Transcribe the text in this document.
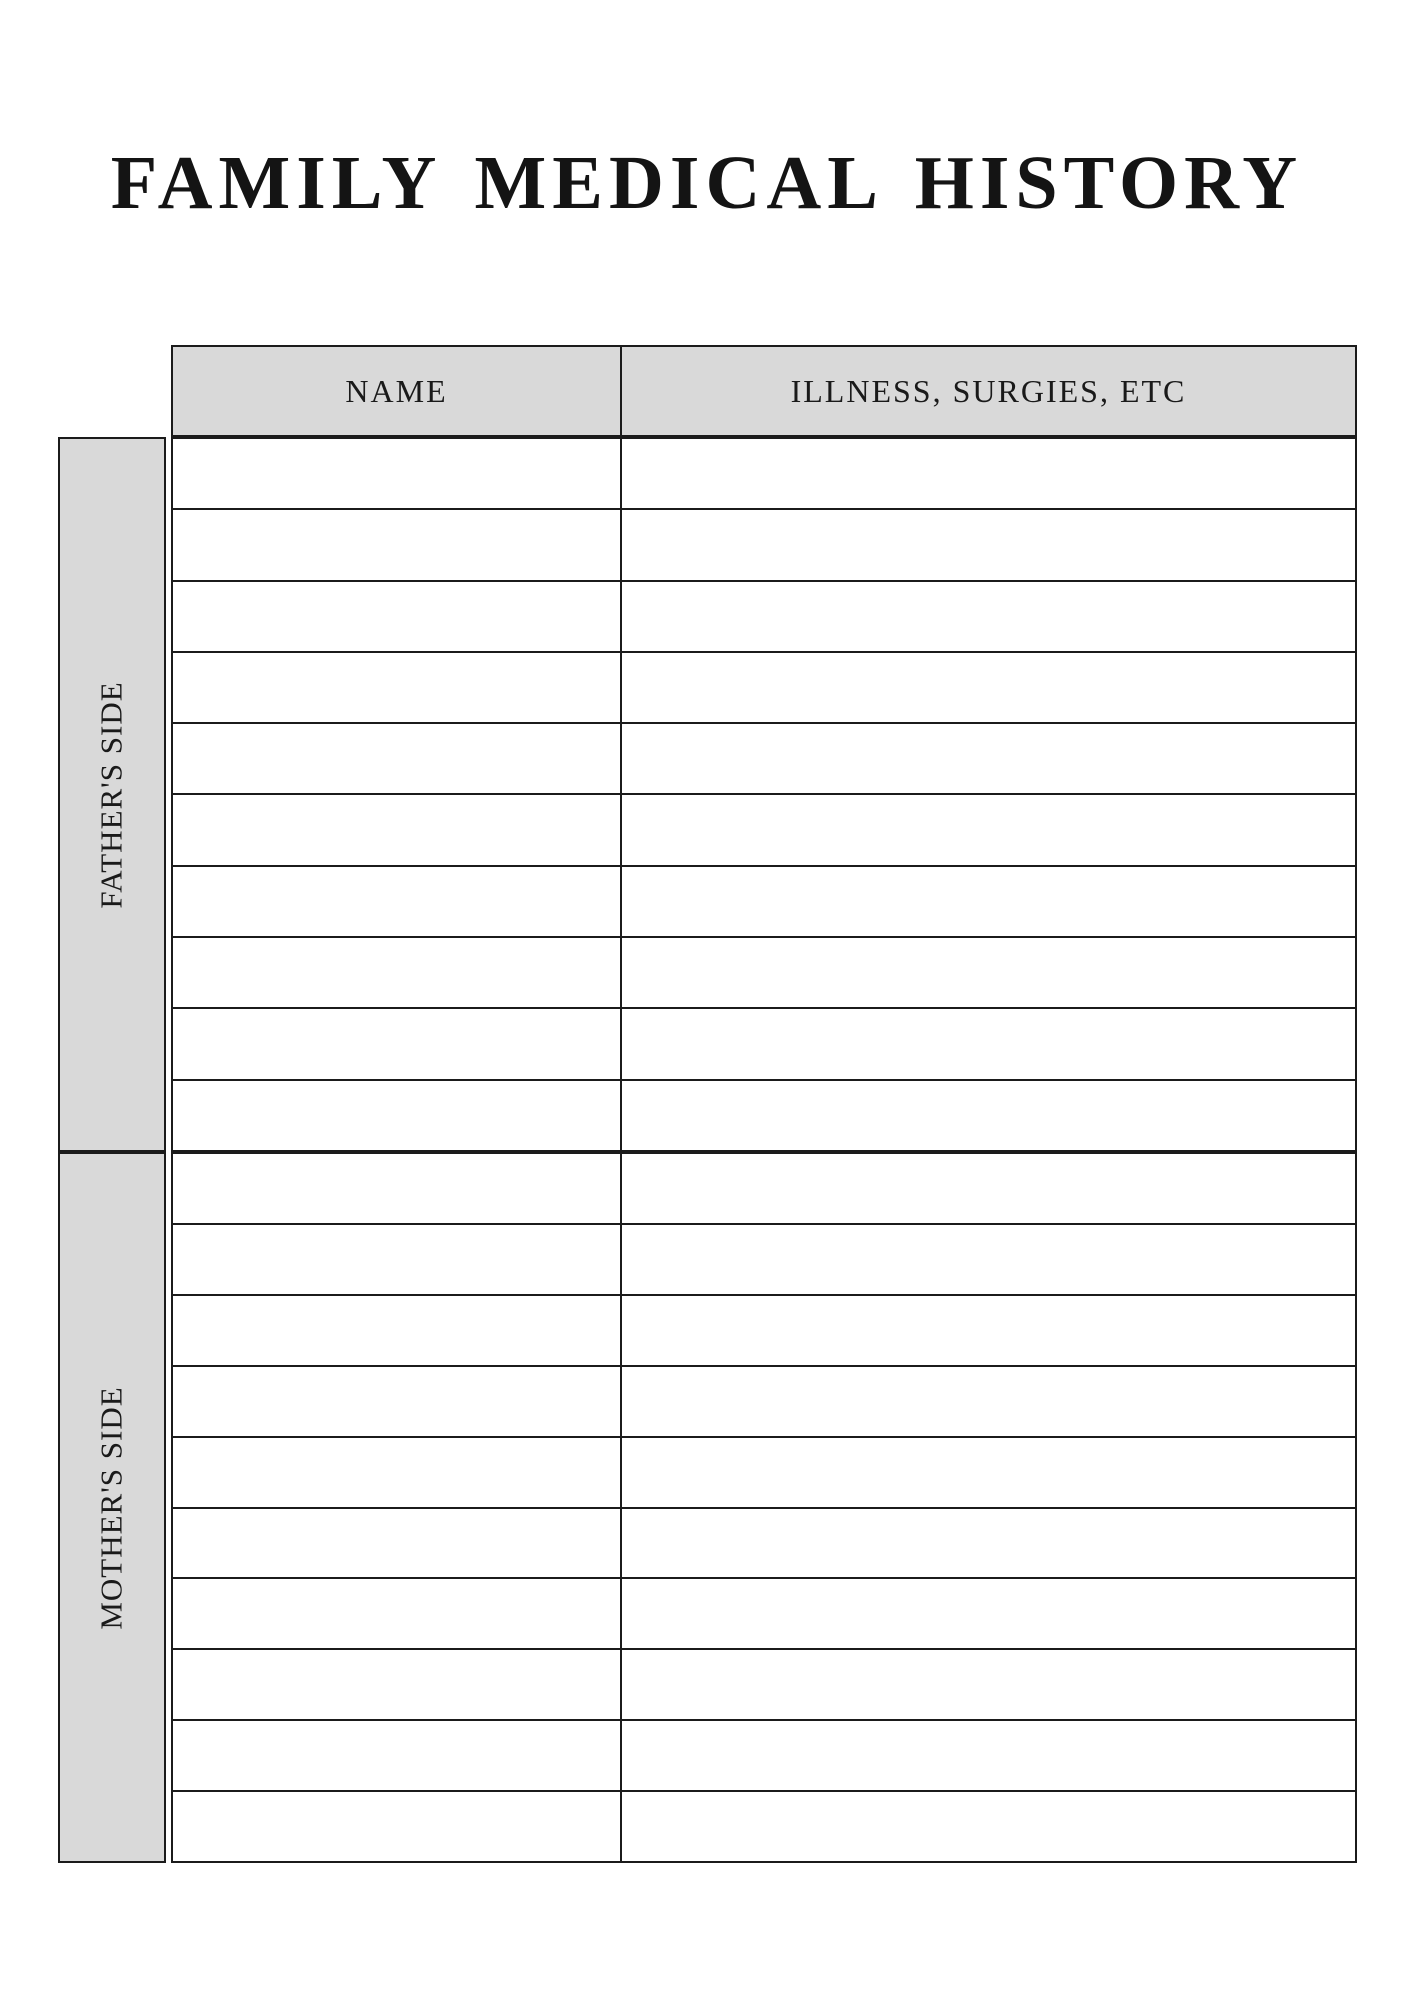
FAMILY MEDICAL HISTORY
NAME	ILLNESS, SURGIES, ETC
FATHER'S SIDE
MOTHER'S SIDE
